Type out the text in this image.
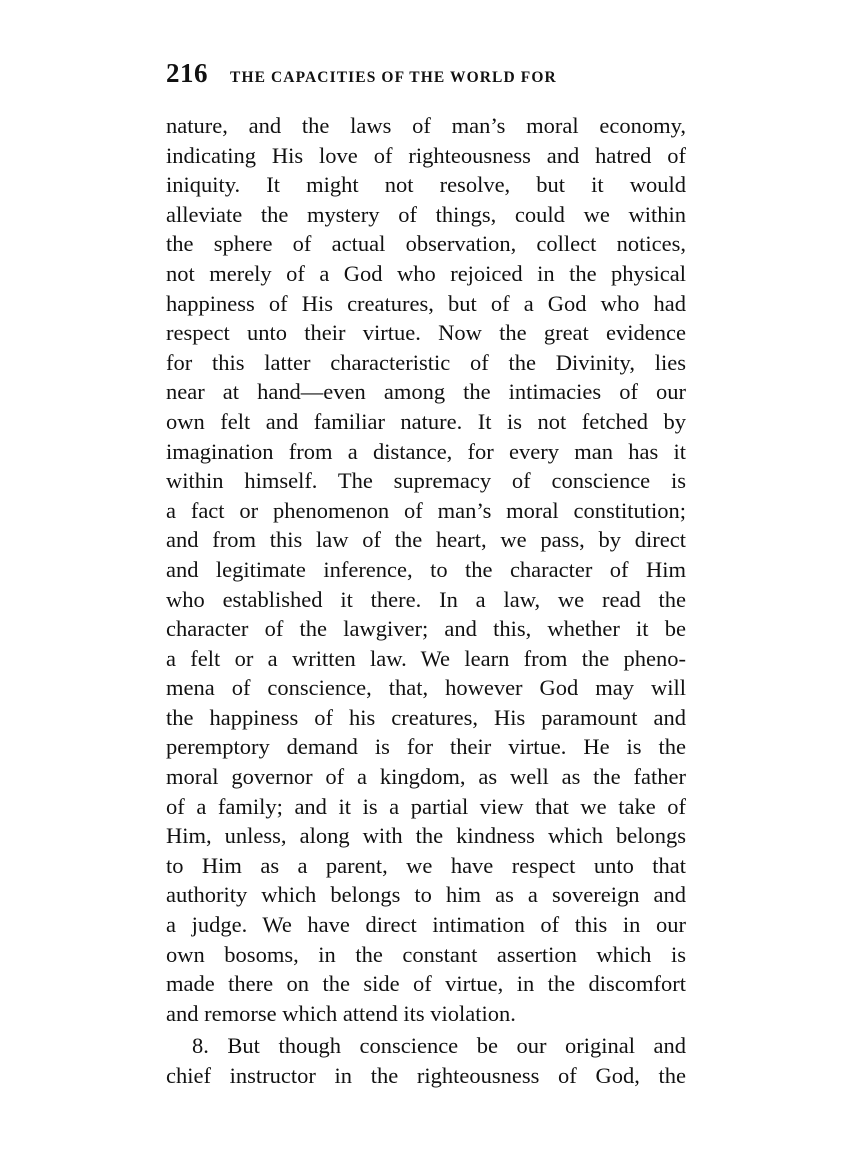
216 THE CAPACITIES OF THE WORLD FOR
nature, and the laws of man’s moral economy,
indicating His love of righteousness and hatred of
iniquity. It might not resolve, but it would
alleviate the mystery of things, could we within
the sphere of actual observation, collect notices,
not merely of a God who rejoiced in the physical
happiness of His creatures, but of a God who had
respect unto their virtue. Now the great evidence
for this latter characteristic of the Divinity, lies
near at hand—even among the intimacies of our
own felt and familiar nature. It is not fetched by
imagination from a distance, for every man has it
within himself. The supremacy of conscience is
a fact or phenomenon of man’s moral constitution;
and from this law of the heart, we pass, by direct
and legitimate inference, to the character of Him
who established it there. In a law, we read the
character of the lawgiver; and this, whether it be
a felt or a written law. We learn from the pheno-
mena of conscience, that, however God may will
the happiness of his creatures, His paramount and
peremptory demand is for their virtue. He is the
moral governor of a kingdom, as well as the father
of a family; and it is a partial view that we take of
Him, unless, along with the kindness which belongs
to Him as a parent, we have respect unto that
authority which belongs to him as a sovereign and
a judge. We have direct intimation of this in our
own bosoms, in the constant assertion which is
made there on the side of virtue, in the discomfort
and remorse which attend its violation.
8. But though conscience be our original and
chief instructor in the righteousness of God, the
